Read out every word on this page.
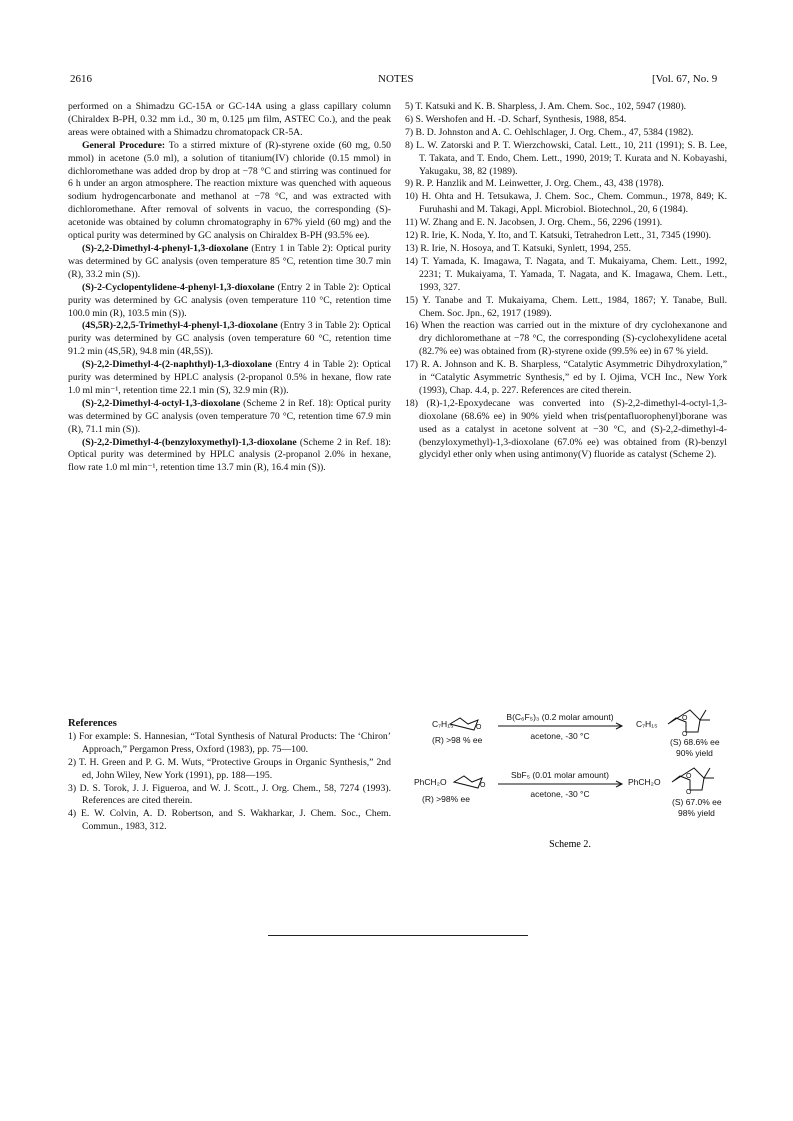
2616	NOTES	[Vol. 67, No. 9

performed on a Shimadzu GC-15A or GC-14A using a glass capillary column (Chiraldex B-PH, 0.32 mm i.d., 30 m, 0.125 μm film, ASTEC Co.), and the peak areas were obtained with a Shimadzu chromatopack CR-5A.

General Procedure: To a stirred mixture of (R)-styrene oxide (60 mg, 0.50 mmol) in acetone (5.0 ml), a solution of titanium(IV) chloride (0.15 mmol) in dichloromethane was added drop by drop at −78 °C and stirring was continued for 6 h under an argon atmosphere. The reaction mixture was quenched with aqueous sodium hydrogencarbonate and methanol at −78 °C, and was extracted with dichloromethane. After removal of solvents in vacuo, the corresponding (S)-acetonide was obtained by column chromatography in 67% yield (60 mg) and the optical purity was determined by GC analysis on Chiraldex B-PH (93.5% ee).

(S)-2,2-Dimethyl-4-phenyl-1,3-dioxolane (Entry 1 in Table 2): Optical purity was determined by GC analysis (oven temperature 85 °C, retention time 30.7 min (R), 33.2 min (S)).

(S)-2-Cyclopentylidene-4-phenyl-1,3-dioxolane (Entry 2 in Table 2): Optical purity was determined by GC analysis (oven temperature 110 °C, retention time 100.0 min (R), 103.5 min (S)).

(4S,5R)-2,2,5-Trimethyl-4-phenyl-1,3-dioxolane (Entry 3 in Table 2): Optical purity was determined by GC analysis (oven temperature 60 °C, retention time 91.2 min (4S,5R), 94.8 min (4R,5S)).

(S)-2,2-Dimethyl-4-(2-naphthyl)-1,3-dioxolane (Entry 4 in Table 2): Optical purity was determined by HPLC analysis (2-propanol 0.5% in hexane, flow rate 1.0 ml min⁻¹, retention time 22.1 min (S), 32.9 min (R)).

(S)-2,2-Dimethyl-4-octyl-1,3-dioxolane (Scheme 2 in Ref. 18): Optical purity was determined by GC analysis (oven temperature 70 °C, retention time 67.9 min (R), 71.1 min (S)).

(S)-2,2-Dimethyl-4-(benzyloxymethyl)-1,3-dioxolane (Scheme 2 in Ref. 18): Optical purity was determined by HPLC analysis (2-propanol 2.0% in hexane, flow rate 1.0 ml min⁻¹, retention time 13.7 min (R), 16.4 min (S)).

References

1) For example: S. Hannesian, “Total Synthesis of Natural Products: The ‘Chiron’ Approach,” Pergamon Press, Oxford (1983), pp. 75—100.

2) T. H. Green and P. G. M. Wuts, “Protective Groups in Organic Synthesis,” 2nd ed, John Wiley, New York (1991), pp. 188—195.

3) D. S. Torok, J. J. Figueroa, and W. J. Scott., J. Org. Chem., 58, 7274 (1993). References are cited therein.

4) E. W. Colvin, A. D. Robertson, and S. Wakharkar, J. Chem. Soc., Chem. Commun., 1983, 312.

5) T. Katsuki and K. B. Sharpless, J. Am. Chem. Soc., 102, 5947 (1980).

6) S. Wershofen and H. -D. Scharf, Synthesis, 1988, 854.

7) B. D. Johnston and A. C. Oehlschlager, J. Org. Chem., 47, 5384 (1982).

8) L. W. Zatorski and P. T. Wierzchowski, Catal. Lett., 10, 211 (1991); S. B. Lee, T. Takata, and T. Endo, Chem. Lett., 1990, 2019; T. Kurata and N. Kobayashi, Yakugaku, 38, 82 (1989).

9) R. P. Hanzlik and M. Leinwetter, J. Org. Chem., 43, 438 (1978).

10) H. Ohta and H. Tetsukawa, J. Chem. Soc., Chem. Commun., 1978, 849; K. Furuhashi and M. Takagi, Appl. Microbiol. Biotechnol., 20, 6 (1984).

11) W. Zhang and E. N. Jacobsen, J. Org. Chem., 56, 2296 (1991).

12) R. Irie, K. Noda, Y. Ito, and T. Katsuki, Tetrahedron Lett., 31, 7345 (1990).

13) R. Irie, N. Hosoya, and T. Katsuki, Synlett, 1994, 255.

14) T. Yamada, K. Imagawa, T. Nagata, and T. Mukaiyama, Chem. Lett., 1992, 2231; T. Mukaiyama, T. Yamada, T. Nagata, and K. Imagawa, Chem. Lett., 1993, 327.

15) Y. Tanabe and T. Mukaiyama, Chem. Lett., 1984, 1867; Y. Tanabe, Bull. Chem. Soc. Jpn., 62, 1917 (1989).

16) When the reaction was carried out in the mixture of dry cyclohexanone and dry dichloromethane at −78 °C, the corresponding (S)-cyclohexylidene acetal (82.7% ee) was obtained from (R)-styrene oxide (99.5% ee) in 67 % yield.

17) R. A. Johnson and K. B. Sharpless, “Catalytic Asymmetric Dihydroxylation,” in “Catalytic Asymmetric Synthesis,” ed by I. Ojima, VCH Inc., New York (1993), Chap. 4.4, p. 227. References are cited therein.

18) (R)-1,2-Epoxydecane was converted into (S)-2,2-dimethyl-4-octyl-1,3-dioxolane (68.6% ee) in 90% yield when tris(pentafluorophenyl)borane was used as a catalyst in acetone solvent at −30 °C, and (S)-2,2-dimethyl-4-(benzyloxymethyl)-1,3-dioxolane (67.0% ee) was obtained from (R)-benzyl glycidyl ether only when using antimony(V) fluoride as catalyst (Scheme 2).

C₇H₁₅	O
(R) >98 % ee
B(C₆F₅)₃ (0.2 molar amount)
acetone, -30 °C
C₇H₁₅
O
O
(S) 68.6% ee
90% yield
PhCH₂O	O
(R) >98% ee
SbF₅ (0.01 molar amount)
acetone, -30 °C
PhCH₂O
O
O
(S) 67.0% ee
98% yield
Scheme 2.
